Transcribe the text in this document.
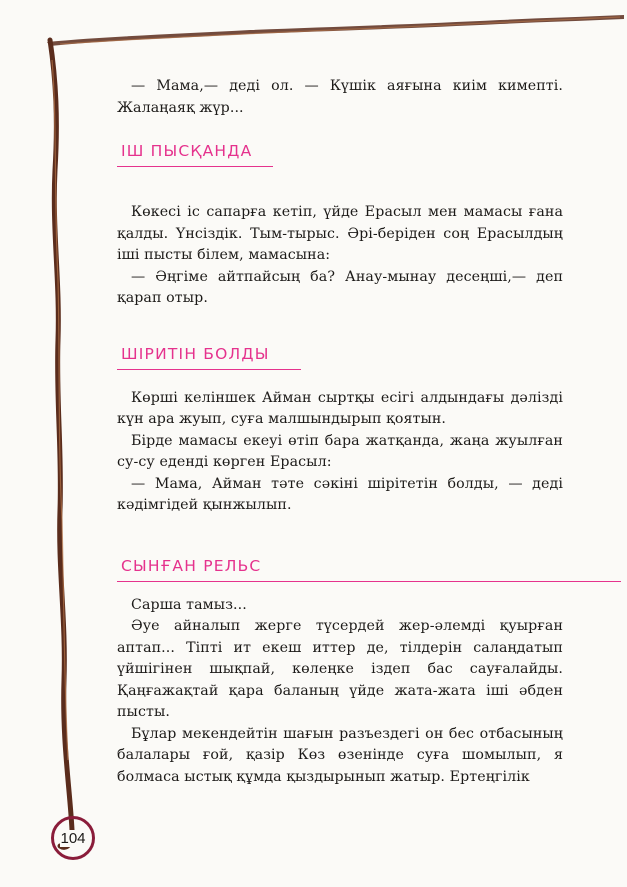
— Мама,— деді ол. — Күшік аяғына киім кимепті. Жалаңаяқ жүр...

ІШ ПЫСҚАНДА

Көкесі іс сапарға кетіп, үйде Ерасыл мен мамасы ғана қалды. Үнсіздік. Тым-тырыс. Әрі-беріден соң Ерасылдың іші пысты білем, мамасына:

— Әңгіме айтпайсың ба? Анау-мынау десеңші,— деп қарап отыр.

ШІРИТІН БОЛДЫ

Көрші келіншек Айман сыртқы есігі алдындағы дәлізді күн ара жуып, суға малшындырып қоятын.

Бірде мамасы екеуі өтіп бара жатқанда, жаңа жуылған су-су еденді көрген Ерасыл:

— Мама, Айман тәте сәкіні шірітетін болды, — деді кәдімгідей қынжылып.

СЫНҒАН РЕЛЬС

Сарша тамыз...

Әуе айналып жерге түсердей жер-әлемді қуырған аптап... Тіпті ит екеш иттер де, тілдерін салаңдатып үйшігінен шықпай, көлеңке іздеп бас сауғалайды. Қаңғажақтай қара баланың үйде жата-жата іші әбден пысты.

Бұлар мекендейтін шағын разъездегі он бес отбасының балалары ғой, қазір Көз өзенінде суға шомылып, я болмаса ыстық құмда қыздырынып жатыр. Ертеңгілік

104
